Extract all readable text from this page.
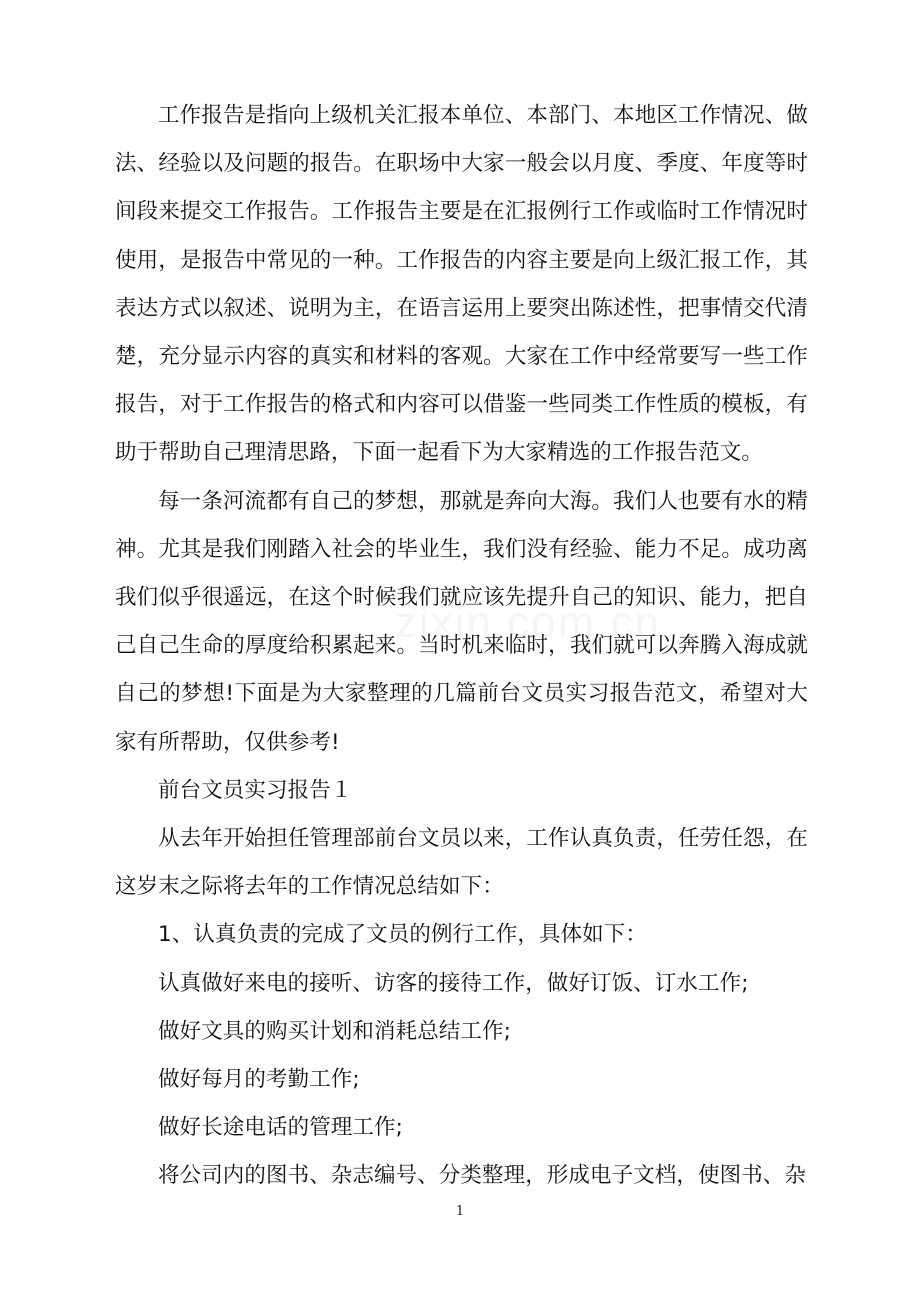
工作报告是指向上级机关汇报本单位、本部门、本地区工作情况、做法、经验以及问题的报告。在职场中大家一般会以月度、季度、年度等时间段来提交工作报告。工作报告主要是在汇报例行工作或临时工作情况时使用，是报告中常见的一种。工作报告的内容主要是向上级汇报工作，其表达方式以叙述、说明为主，在语言运用上要突出陈述性，把事情交代清楚，充分显示内容的真实和材料的客观。大家在工作中经常要写一些工作报告，对于工作报告的格式和内容可以借鉴一些同类工作性质的模板，有助于帮助自己理清思路，下面一起看下为大家精选的工作报告范文。

每一条河流都有自己的梦想，那就是奔向大海。我们人也要有水的精神。尤其是我们刚踏入社会的毕业生，我们没有经验、能力不足。成功离我们似乎很遥远，在这个时候我们就应该先提升自己的知识、能力，把自己自己生命的厚度给积累起来。当时机来临时，我们就可以奔腾入海成就自己的梦想!下面是为大家整理的几篇前台文员实习报告范文，希望对大家有所帮助，仅供参考!

前台文员实习报告１

从去年开始担任管理部前台文员以来，工作认真负责，任劳任怨，在这岁末之际将去年的工作情况总结如下：

1、认真负责的完成了文员的例行工作，具体如下：

认真做好来电的接听、访客的接待工作，做好订饭、订水工作;

做好文具的购买计划和消耗总结工作;

做好每月的考勤工作;

做好长途电话的管理工作;

将公司内的图书、杂志编号、分类整理，形成电子文档，使图书、杂

zixin.com.cn
1
